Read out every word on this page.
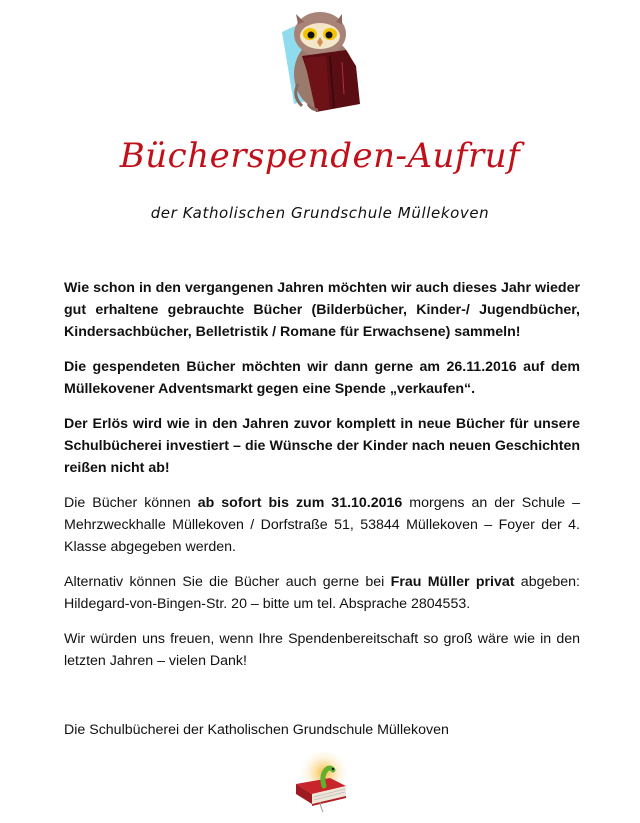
Bücherspenden-Aufruf
der Katholischen Grundschule Müllekoven
Wie schon in den vergangenen Jahren möchten wir auch dieses Jahr wieder gut erhaltene gebrauchte Bücher (Bilderbücher, Kinder-/ Jugendbücher, Kindersachbücher, Belletristik / Romane für Erwachsene) sammeln!
Die gespendeten Bücher möchten wir dann gerne am 26.11.2016 auf dem Müllekovener Adventsmarkt gegen eine Spende „verkaufen“.
Der Erlös wird wie in den Jahren zuvor komplett in neue Bücher für unsere Schulbücherei investiert – die Wünsche der Kinder nach neuen Geschichten reißen nicht ab!
Die Bücher können ab sofort bis zum 31.10.2016 morgens an der Schule – Mehrzweckhalle Müllekoven / Dorfstraße 51, 53844 Müllekoven – Foyer der 4. Klasse abgegeben werden.
Alternativ können Sie die Bücher auch gerne bei Frau Müller privat abgeben: Hildegard-von-Bingen-Str. 20 – bitte um tel. Absprache 2804553.
Wir würden uns freuen, wenn Ihre Spendenbereitschaft so groß wäre wie in den letzten Jahren – vielen Dank!
Die Schulbücherei der Katholischen Grundschule Müllekoven
